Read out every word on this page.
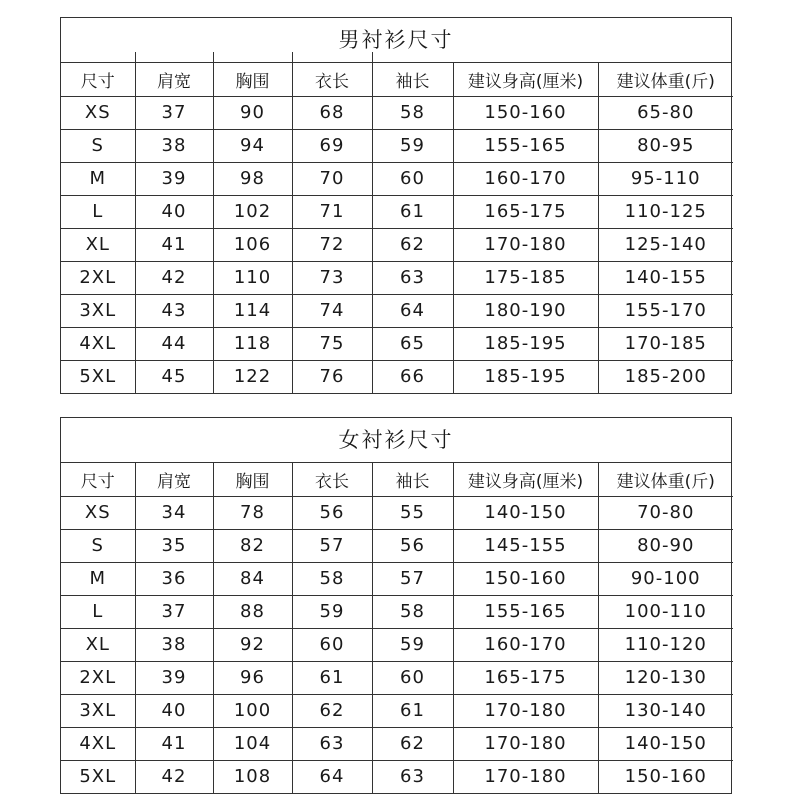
男衬衫尺寸
尺寸	肩宽	胸围	衣长	袖长	建议身高(厘米)	建议体重(斤)
XS	37	90	68	58	150-160	65-80
S	38	94	69	59	155-165	80-95
M	39	98	70	60	160-170	95-110
L	40	102	71	61	165-175	110-125
XL	41	106	72	62	170-180	125-140
2XL	42	110	73	63	175-185	140-155
3XL	43	114	74	64	180-190	155-170
4XL	44	118	75	65	185-195	170-185
5XL	45	122	76	66	185-195	185-200
女衬衫尺寸
尺寸	肩宽	胸围	衣长	袖长	建议身高(厘米)	建议体重(斤)
XS	34	78	56	55	140-150	70-80
S	35	82	57	56	145-155	80-90
M	36	84	58	57	150-160	90-100
L	37	88	59	58	155-165	100-110
XL	38	92	60	59	160-170	110-120
2XL	39	96	61	60	165-175	120-130
3XL	40	100	62	61	170-180	130-140
4XL	41	104	63	62	170-180	140-150
5XL	42	108	64	63	170-180	150-160
